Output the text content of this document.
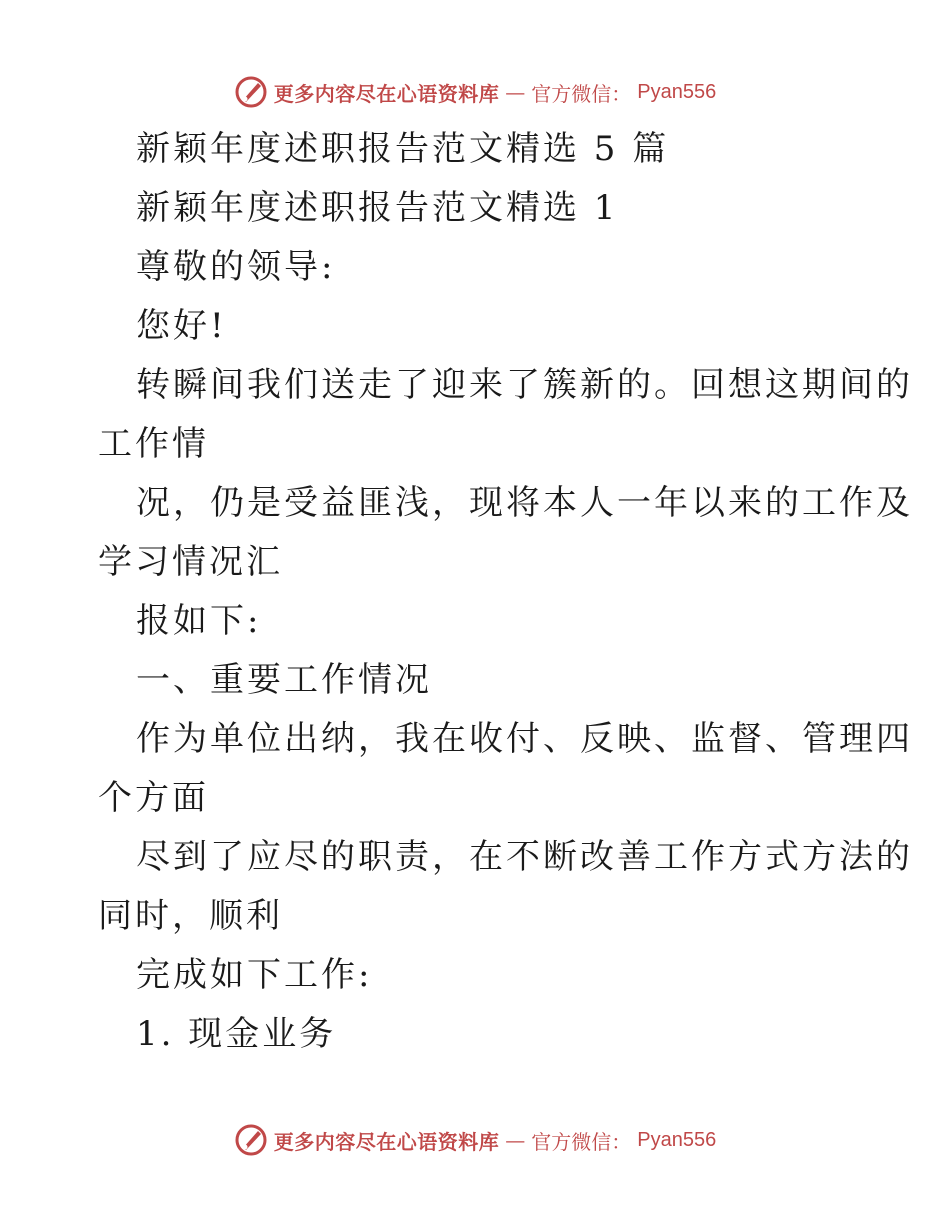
更多内容尽在心语资料库 — 官方微信： Pyan556
新颖年度述职报告范文精选 5 篇
新颖年度述职报告范文精选 1
尊敬的领导:
您好!
转瞬间我们送走了迎来了簇新的。回想这期间的
工作情
况，仍是受益匪浅，现将本人一年以来的工作及
学习情况汇
报如下:
一、重要工作情况
作为单位出纳，我在收付、反映、监督、管理四
个方面
尽到了应尽的职责，在不断改善工作方式方法的
同时，顺利
完成如下工作:
1. 现金业务
更多内容尽在心语资料库 — 官方微信： Pyan556
